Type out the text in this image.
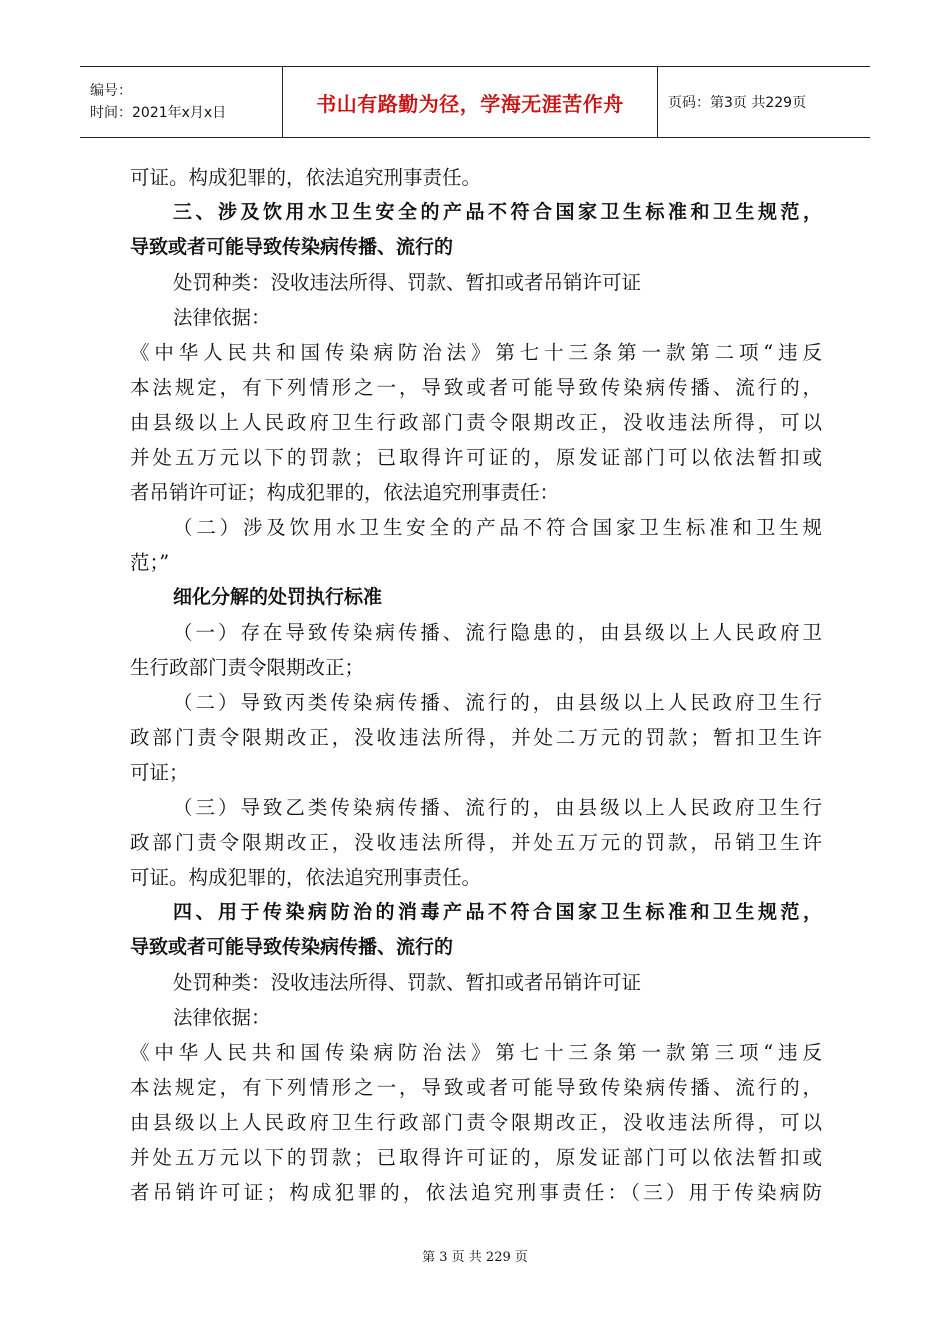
编号：
时间：2021年x月x日	书山有路勤为径，学海无涯苦作舟	页码：第3页 共229页
可证。构成犯罪的，依法追究刑事责任。
三、涉及饮用水卫生安全的产品不符合国家卫生标准和卫生规范，
导致或者可能导致传染病传播、流行的
处罚种类：没收违法所得、罚款、暂扣或者吊销许可证
法律依据：
《中华人民共和国传染病防治法》第七十三条第一款第二项“违反
本法规定，有下列情形之一，导致或者可能导致传染病传播、流行的，
由县级以上人民政府卫生行政部门责令限期改正，没收违法所得，可以
并处五万元以下的罚款；已取得许可证的，原发证部门可以依法暂扣或
者吊销许可证；构成犯罪的，依法追究刑事责任：
（二）涉及饮用水卫生安全的产品不符合国家卫生标准和卫生规
范；”
细化分解的处罚执行标准
（一）存在导致传染病传播、流行隐患的，由县级以上人民政府卫
生行政部门责令限期改正；
（二）导致丙类传染病传播、流行的，由县级以上人民政府卫生行
政部门责令限期改正，没收违法所得，并处二万元的罚款；暂扣卫生许
可证；
（三）导致乙类传染病传播、流行的，由县级以上人民政府卫生行
政部门责令限期改正，没收违法所得，并处五万元的罚款，吊销卫生许
可证。构成犯罪的，依法追究刑事责任。
四、用于传染病防治的消毒产品不符合国家卫生标准和卫生规范，
导致或者可能导致传染病传播、流行的
处罚种类：没收违法所得、罚款、暂扣或者吊销许可证
法律依据：
《中华人民共和国传染病防治法》第七十三条第一款第三项“违反
本法规定，有下列情形之一，导致或者可能导致传染病传播、流行的，
由县级以上人民政府卫生行政部门责令限期改正，没收违法所得，可以
并处五万元以下的罚款；已取得许可证的，原发证部门可以依法暂扣或
者吊销许可证；构成犯罪的，依法追究刑事责任：（三）用于传染病防
第 3 页 共 229 页
